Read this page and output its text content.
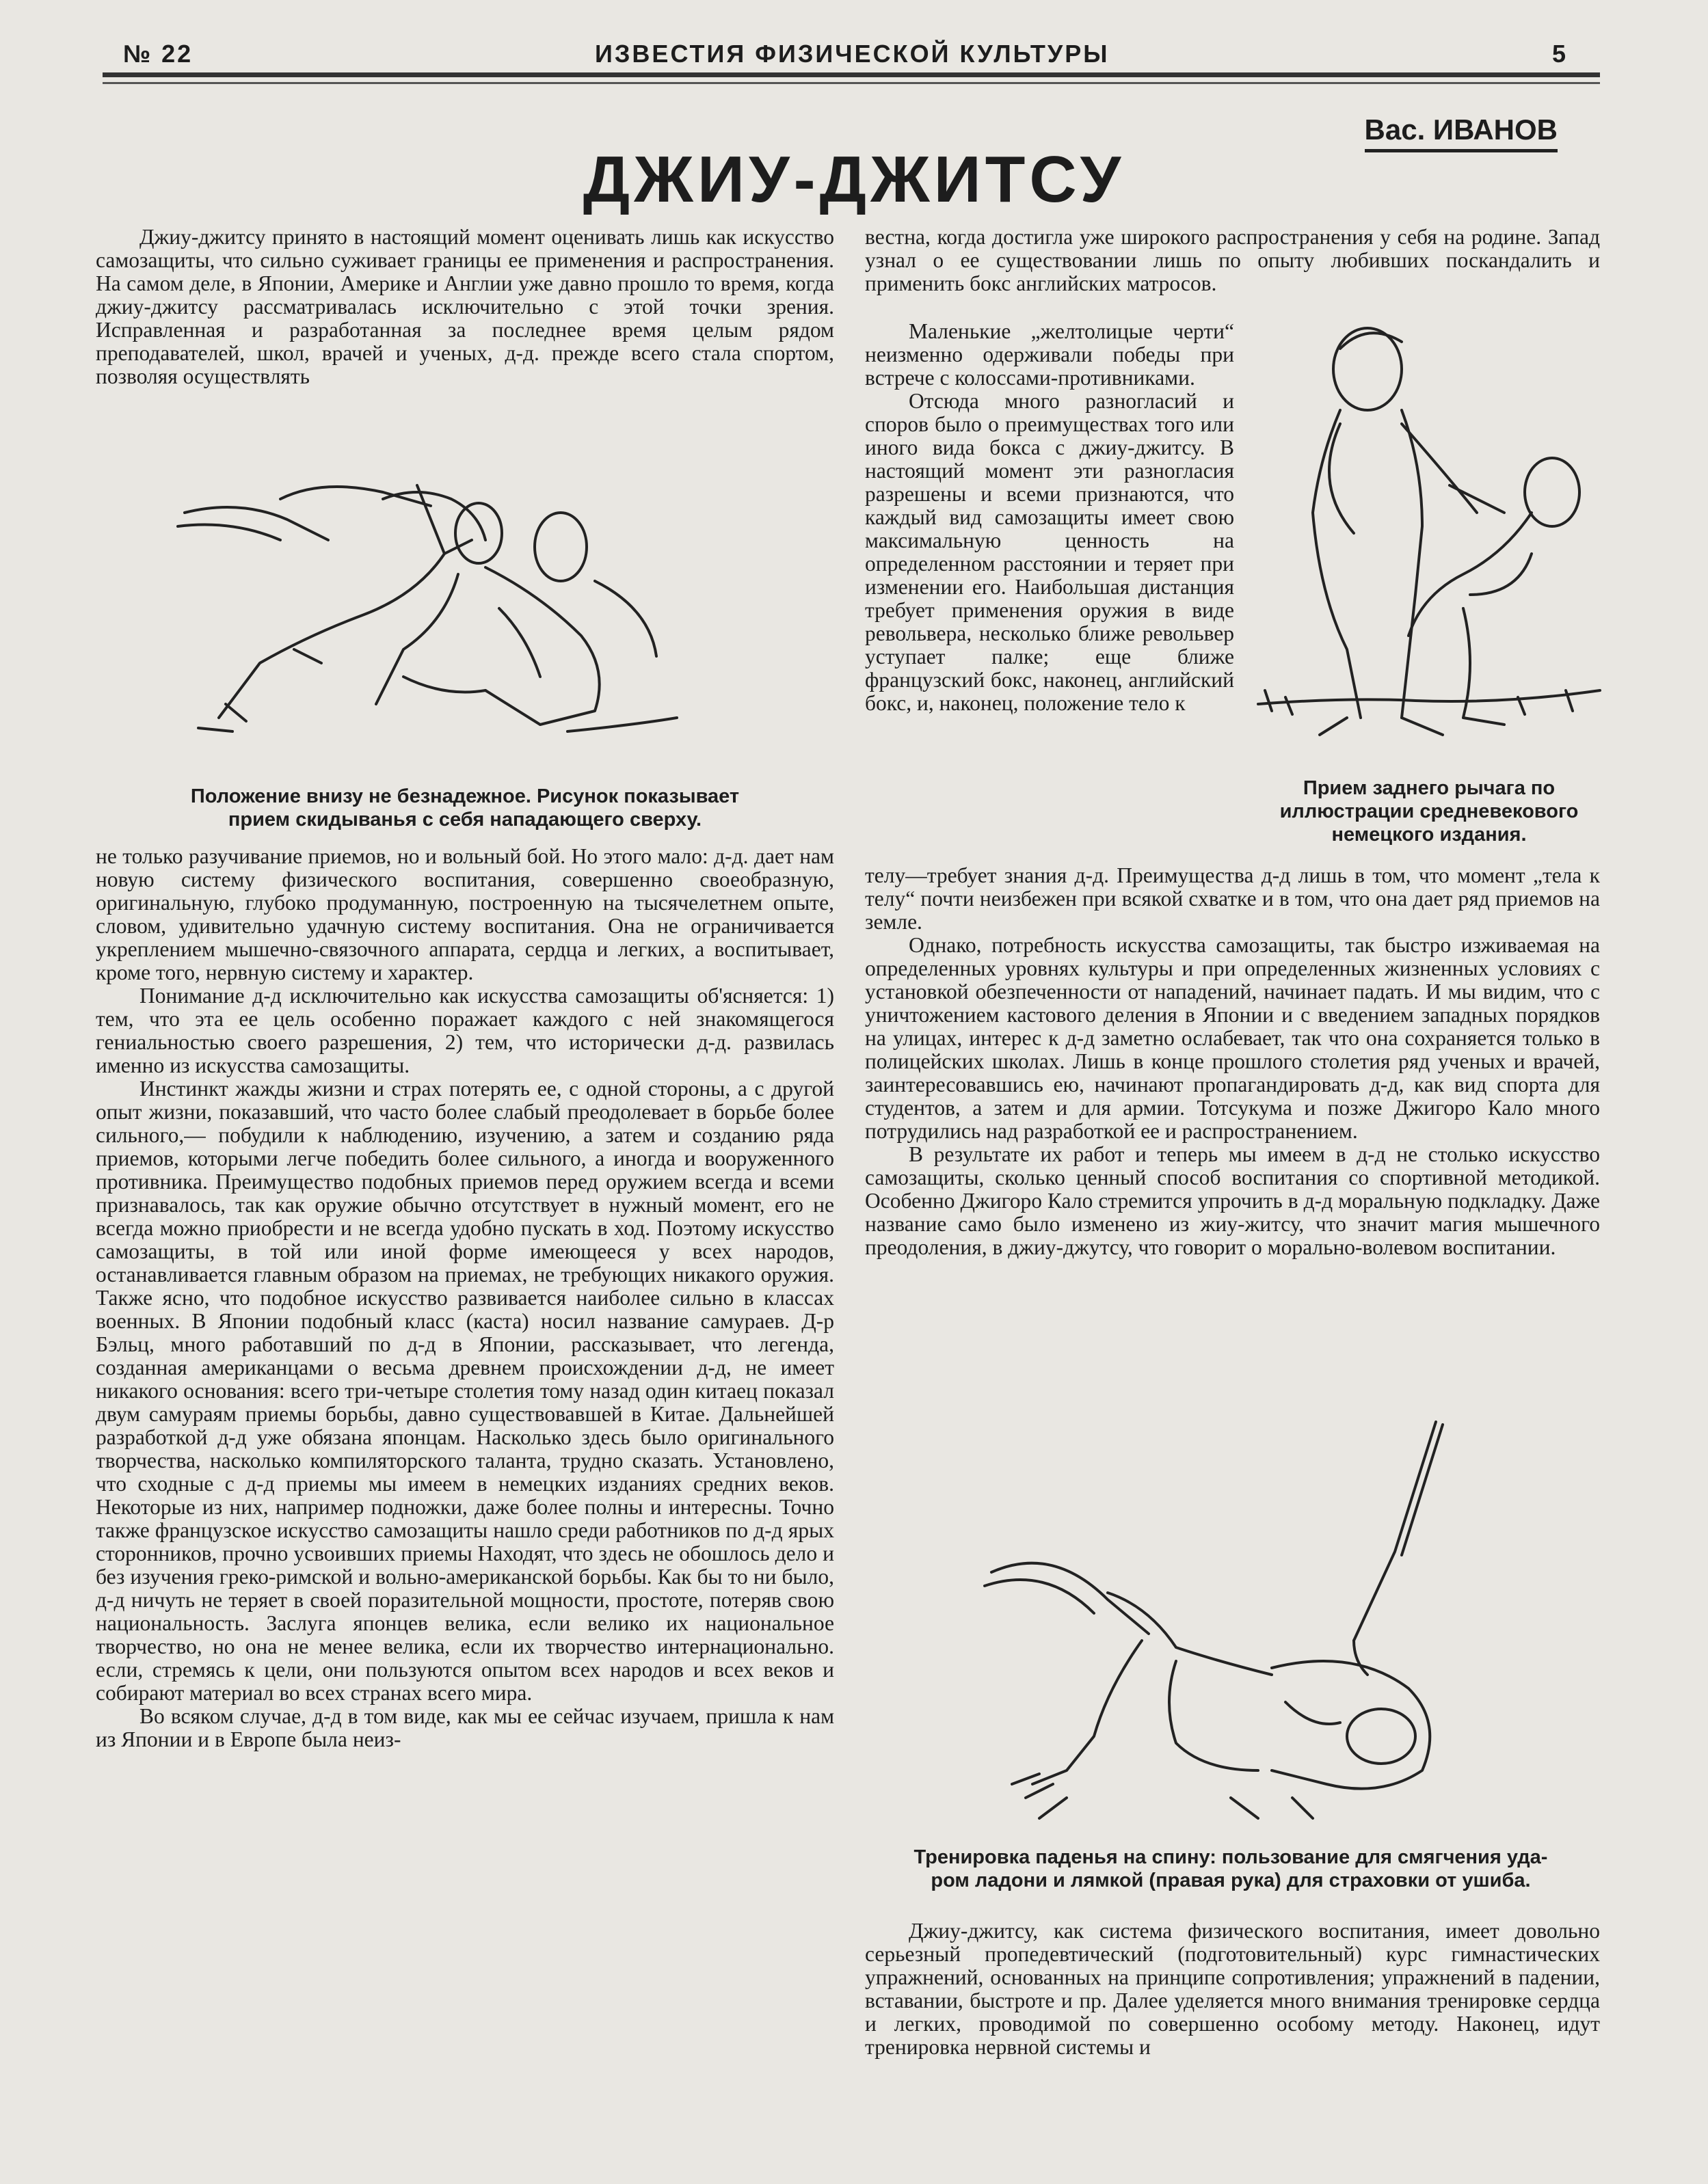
№ 22	ИЗВЕСТИЯ ФИЗИЧЕСКОЙ КУЛЬТУРЫ	5
Вас. ИВАНОВ
ДЖИУ-ДЖИТСУ

Джиу-джитсу принято в настоящий момент оценивать лишь как искусство самозащиты, что сильно суживает границы ее применения и распространения. На самом деле, в Японии, Америке и Англии уже давно прошло то время, когда джиу-джитсу рассматривалась исключительно с этой точки зрения. Исправленная и разработанная за последнее время целым рядом преподавателей, школ, врачей и ученых, д-д. прежде всего стала спортом, позволяя осуществлять

Положение внизу не безнадежное. Рисунок показывает
прием скидыванья с себя нападающего сверху.

не только разучивание приемов, но и вольный бой. Но этого мало: д-д. дает нам новую систему физического воспитания, совершенно своеобразную, оригинальную, глубоко продуманную, построенную на тысячелетнем опыте, словом, удивительно удачную систему воспитания. Она не ограничивается укреплением мышечно-связочного аппарата, сердца и легких, а воспитывает, кроме того, нервную систему и характер.

Понимание д-д исключительно как искусства самозащиты об'ясняется: 1) тем, что эта ее цель особенно поражает каждого с ней знакомящегося гениальностью своего разрешения, 2) тем, что исторически д-д. развилась именно из искусства самозащиты.

Инстинкт жажды жизни и страх потерять ее, с одной стороны, а с другой опыт жизни, показавший, что часто более слабый преодолевает в борьбе более сильного,— побудили к наблюдению, изучению, а затем и созданию ряда приемов, которыми легче победить более сильного, а иногда и вооруженного противника. Преимущество подобных приемов перед оружием всегда и всеми признавалось, так как оружие обычно отсутствует в нужный момент, его не всегда можно приобрести и не всегда удобно пускать в ход. Поэтому искусство самозащиты, в той или иной форме имеющееся у всех народов, останавливается главным образом на приемах, не требующих никакого оружия. Также ясно, что подобное искусство развивается наиболее сильно в классах военных. В Японии подобный класс (каста) носил название самураев. Д-р Бэльц, много работавший по д-д в Японии, рассказывает, что легенда, созданная американцами о весьма древнем происхождении д-д, не имеет никакого основания: всего три-четыре столетия тому назад один китаец показал двум самураям приемы борьбы, давно существовавшей в Китае. Дальнейшей разработкой д-д уже обязана японцам. Насколько здесь было оригинального творчества, насколько компиляторского таланта, трудно сказать. Установлено, что сходные с д-д приемы мы имеем в немецких изданиях средних веков. Некоторые из них, например подножки, даже более полны и интересны. Точно также французское искусство самозащиты нашло среди работников по д-д ярых сторонников, прочно усвоивших приемы Находят, что здесь не обошлось дело и без изучения греко-римской и вольно-американской борьбы. Как бы то ни было, д-д ничуть не теряет в своей поразительной мощности, простоте, потеряв свою национальность. Заслуга японцев велика, если велико их национальное творчество, но она не менее велика, если их творчество интернационально. если, стремясь к цели, они пользуются опытом всех народов и всех веков и собирают материал во всех странах всего мира.

Во всяком случае, д-д в том виде, как мы ее сейчас изучаем, пришла к нам из Японии и в Европе была неиз-

вестна, когда достигла уже широкого распространения у себя на родине. Запад узнал о ее существовании лишь по опыту любивших поскандалить и применить бокс английских матросов.

Маленькие „желтолицые черти“ неизменно одерживали победы при встрече с колоссами-противниками.

Отсюда много разногласий и споров было о преимуществах того или иного вида бокса с джиу-джитсу. В настоящий момент эти разногласия разрешены и всеми признаются, что каждый вид самозащиты имеет свою максимальную ценность на определенном расстоянии и теряет при изменении его. Наибольшая дистанция требует применения оружия в виде револьвера, несколько ближе револьвер уступает палке; еще ближе французский бокс, наконец, английский бокс, и, наконец, положение тело к

Прием заднего рычага по
иллюстрации средневекового
немецкого издания.

телу—требует знания д-д. Преимущества д-д лишь в том, что момент „тела к телу“ почти неизбежен при всякой схватке и в том, что она дает ряд приемов на земле.

Однако, потребность искусства самозащиты, так быстро изживаемая на определенных уровнях культуры и при определенных жизненных условиях с установкой обезпеченности от нападений, начинает падать. И мы видим, что с уничтожением кастового деления в Японии и с введением западных порядков на улицах, интерес к д-д заметно ослабевает, так что она сохраняется только в полицейских школах. Лишь в конце прошлого столетия ряд ученых и врачей, заинтересовавшись ею, начинают пропагандировать д-д, как вид спорта для студентов, а затем и для армии. Тотсукума и позже Джигоро Кало много потрудились над разработкой ее и распространением.

В результате их работ и теперь мы имеем в д-д не столько искусство самозащиты, сколько ценный способ воспитания со спортивной методикой. Особенно Джигоро Кало стремится упрочить в д-д моральную подкладку. Даже название само было изменено из жиу-житсу, что значит магия мышечного преодоления, в джиу-джутсу, что говорит о морально-волевом воспитании.

Тренировка паденья на спину: пользование для смягчения уда-
ром ладони и лямкой (правая рука) для страховки от ушиба.

Джиу-джитсу, как система физического воспитания, имеет довольно серьезный пропедевтический (подготовительный) курс гимнастических упражнений, основанных на принципе сопротивления; упражнений в падении, вставании, быстроте и пр. Далее уделяется много внимания тренировке сердца и легких, проводимой по совершенно особому методу. Наконец, идут тренировка нервной системы и
